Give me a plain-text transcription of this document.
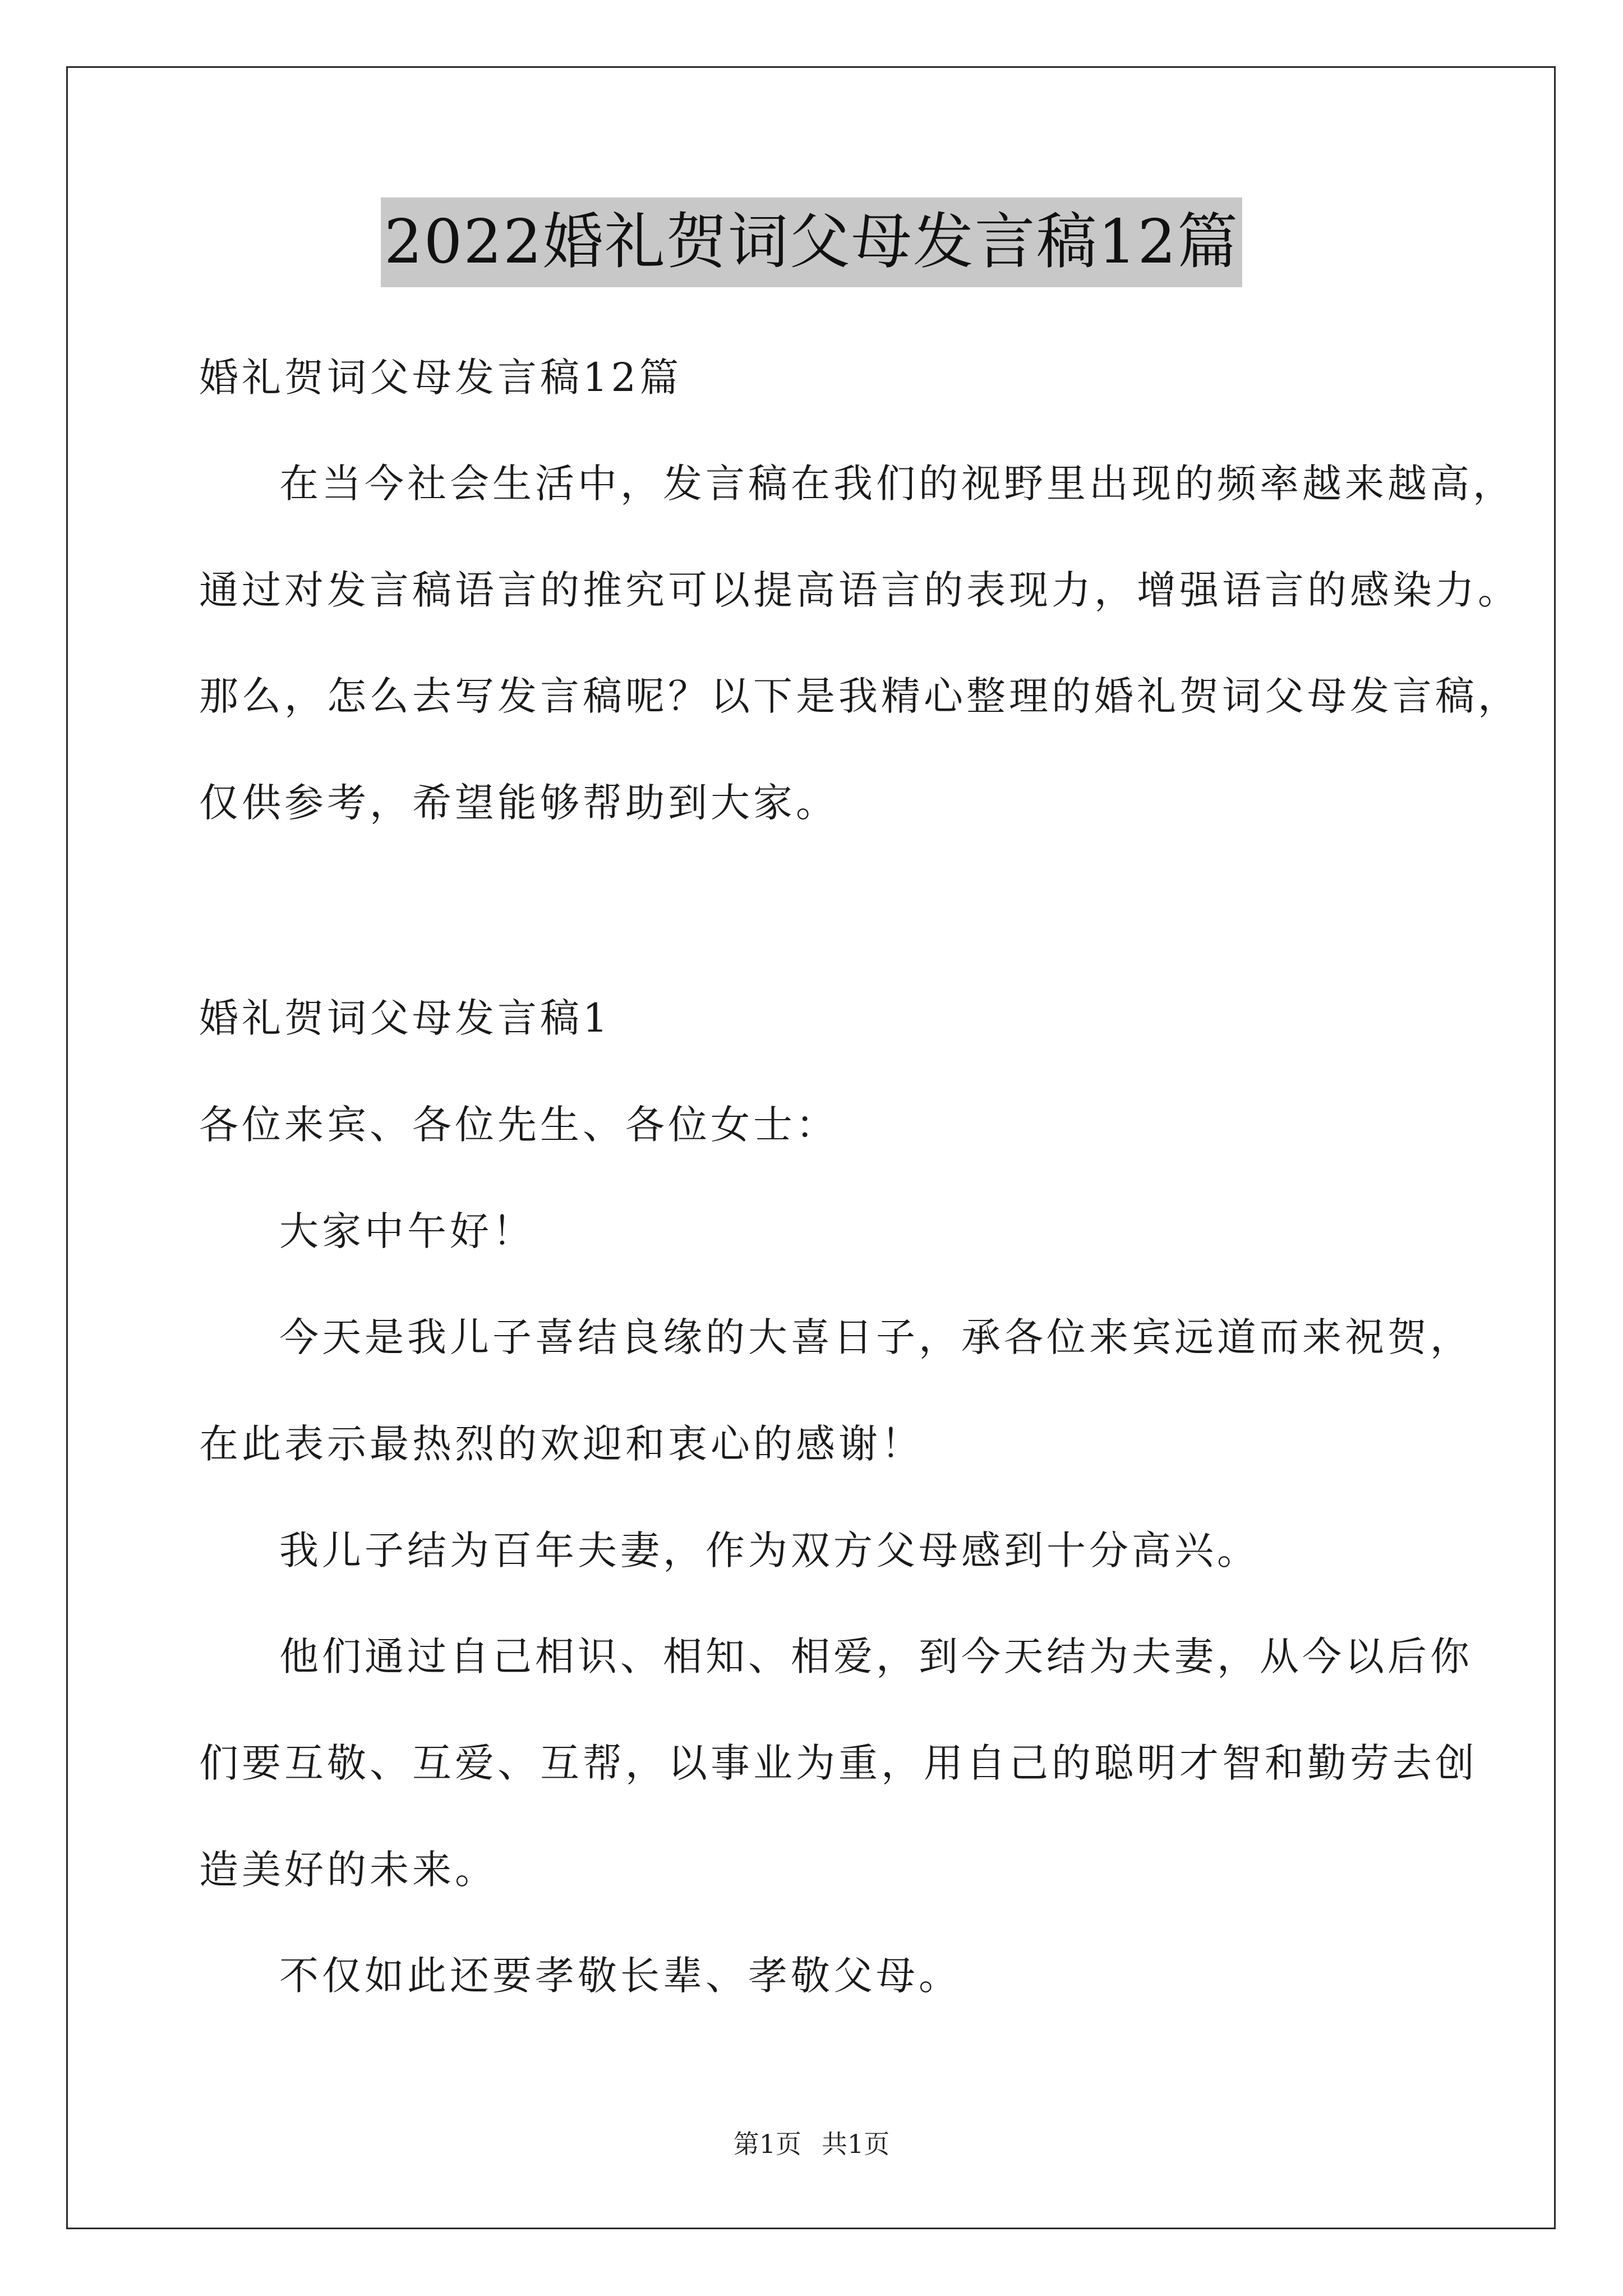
2022婚礼贺词父母发言稿12篇
婚礼贺词父母发言稿12篇
在当今社会生活中，发言稿在我们的视野里出现的频率越来越高，
通过对发言稿语言的推究可以提高语言的表现力，增强语言的感染力。
那么，怎么去写发言稿呢？以下是我精心整理的婚礼贺词父母发言稿，
仅供参考，希望能够帮助到大家。
婚礼贺词父母发言稿1
各位来宾、各位先生、各位女士：
大家中午好！
今天是我儿子喜结良缘的大喜日子，承各位来宾远道而来祝贺，
在此表示最热烈的欢迎和衷心的感谢！
我儿子结为百年夫妻，作为双方父母感到十分高兴。
他们通过自己相识、相知、相爱，到今天结为夫妻，从今以后你
们要互敬、互爱、互帮，以事业为重，用自己的聪明才智和勤劳去创
造美好的未来。
不仅如此还要孝敬长辈、孝敬父母。
第1页 共1页
